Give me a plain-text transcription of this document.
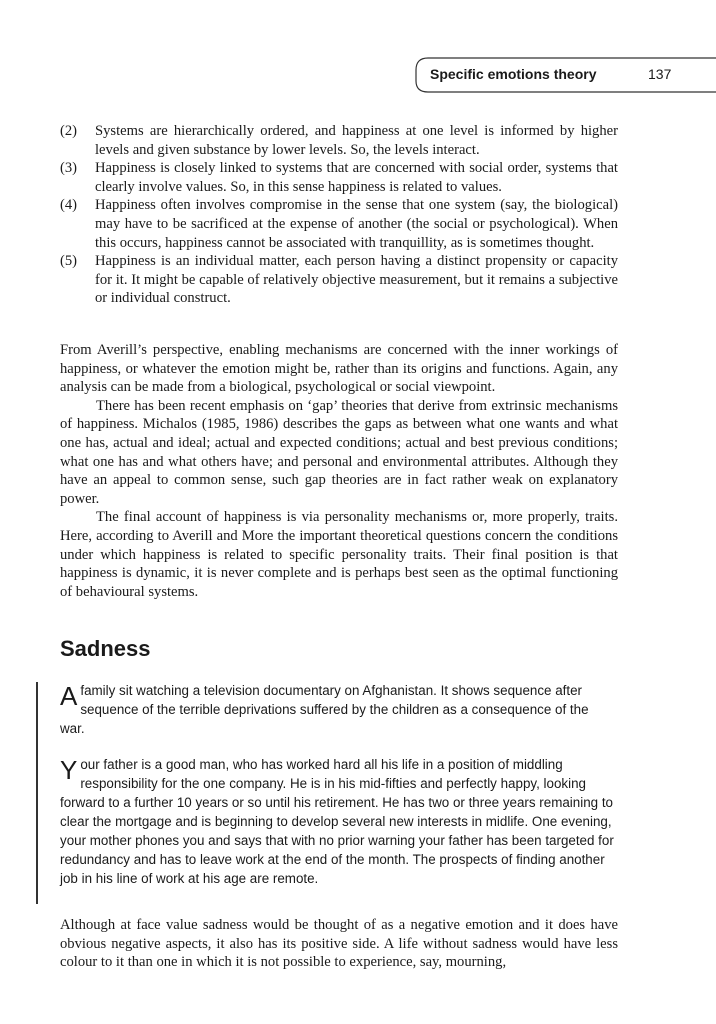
Specific emotions theory	137
(2) Systems are hierarchically ordered, and happiness at one level is informed by higher levels and given substance by lower levels. So, the levels interact.
(3) Happiness is closely linked to systems that are concerned with social order, systems that clearly involve values. So, in this sense happiness is related to values.
(4) Happiness often involves compromise in the sense that one system (say, the biological) may have to be sacrificed at the expense of another (the social or psychological). When this occurs, happiness cannot be associated with tranquillity, as is sometimes thought.
(5) Happiness is an individual matter, each person having a distinct propensity or capacity for it. It might be capable of relatively objective measurement, but it remains a subjective or individual construct.

From Averill’s perspective, enabling mechanisms are concerned with the inner workings of happiness, or whatever the emotion might be, rather than its origins and functions. Again, any analysis can be made from a biological, psychological or social viewpoint.

There has been recent emphasis on ‘gap’ theories that derive from extrinsic mechanisms of happiness. Michalos (1985, 1986) describes the gaps as between what one wants and what one has, actual and ideal; actual and expected conditions; actual and best previous conditions; what one has and what others have; and personal and environmental attributes. Although they have an appeal to common sense, such gap theories are in fact rather weak on explanatory power.

The final account of happiness is via personality mechanisms or, more properly, traits. Here, according to Averill and More the important theoretical questions concern the conditions under which happiness is related to specific personality traits. Their final position is that happiness is dynamic, it is never complete and is perhaps best seen as the optimal functioning of behavioural systems.

Sadness

A family sit watching a television documentary on Afghanistan. It shows sequence after sequence of the terrible deprivations suffered by the children as a consequence of the war.

Y our father is a good man, who has worked hard all his life in a position of middling responsibility for the one company. He is in his mid-fifties and perfectly happy, looking forward to a further 10 years or so until his retirement. He has two or three years remaining to clear the mortgage and is beginning to develop several new interests in midlife. One evening, your mother phones you and says that with no prior warning your father has been targeted for redundancy and has to leave work at the end of the month. The prospects of finding another job in his line of work at his age are remote.

Although at face value sadness would be thought of as a negative emotion and it does have obvious negative aspects, it also has its positive side. A life without sadness would have less colour to it than one in which it is not possible to experience, say, mourning,
